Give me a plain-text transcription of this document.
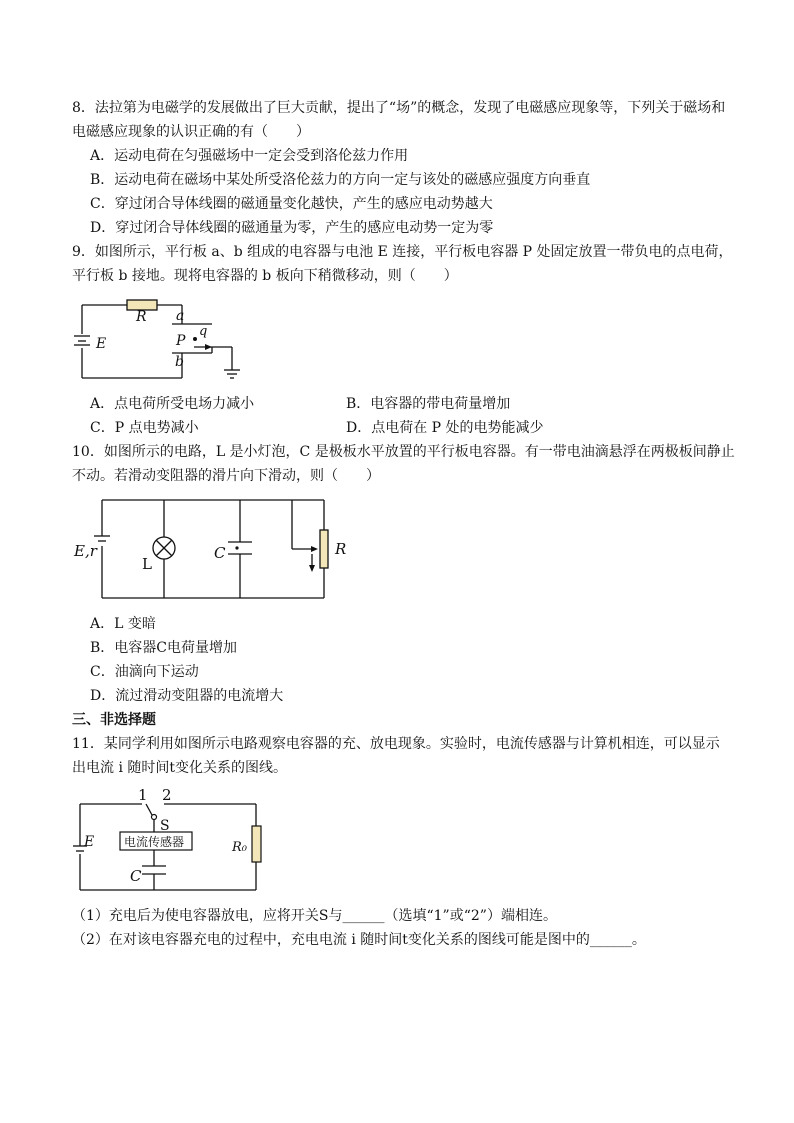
8．法拉第为电磁学的发展做出了巨大贡献，提出了“场”的概念，发现了电磁感应现象等，下列关于磁场和
电磁感应现象的认识正确的有（　　）
A．运动电荷在匀强磁场中一定会受到洛伦兹力作用
B．运动电荷在磁场中某处所受洛伦兹力的方向一定与该处的磁感应强度方向垂直
C．穿过闭合导体线圈的磁通量变化越快，产生的感应电动势越大
D．穿过闭合导体线圈的磁通量为零，产生的感应电动势一定为零
9．如图所示，平行板 a、b 组成的电容器与电池 E 连接，平行板电容器 P 处固定放置一带负电的点电荷，
平行板 b 接地。现将电容器的 b 板向下稍微移动，则（　　）
R
E
a
P
q
b
A．点电荷所受电场力减小	B．电容器的带电荷量增加
C．P 点电势减小	D．点电荷在 P 处的电势能减少
10．如图所示的电路，L 是小灯泡，C 是极板水平放置的平行板电容器。有一带电油滴悬浮在两极板间静止
不动。若滑动变阻器的滑片向下滑动，则（　　）
E,r
L
C	R
A．L 变暗
B．电容器C电荷量增加
C．油滴向下运动
D．流过滑动变阻器的电流增大
三、非选择题
11．某同学利用如图所示电路观察电容器的充、放电现象。实验时，电流传感器与计算机相连，可以显示
出电流 i 随时间t变化关系的图线。
电流传感器
1 2
S
E
C
R₀
（1）充电后为使电容器放电，应将开关S与______（选填“1”或“2”）端相连。
（2）在对该电容器充电的过程中，充电电流 i 随时间t变化关系的图线可能是图中的______。
